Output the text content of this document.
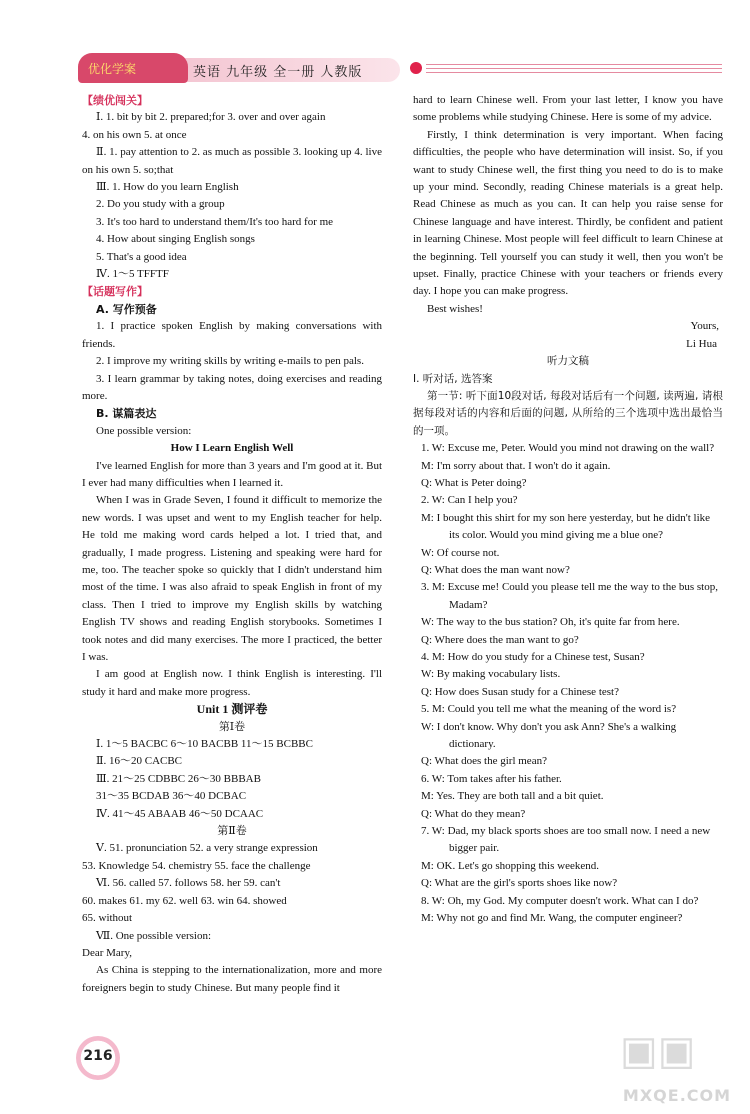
优化学案	英语 九年级 全一册 人教版

【绩优闯关】

Ⅰ. 1. bit by bit 2. prepared;for 3. over and over again

4. on his own 5. at once

Ⅱ. 1. pay attention to 2. as much as possible 3. looking up 4. live on his own 5. so;that

Ⅲ. 1. How do you learn English

2. Do you study with a group

3. It's too hard to understand them/It's too hard for me

4. How about singing English songs

5. That's a good idea

Ⅳ. 1～5 TFFTF

【话题写作】

A. 写作预备

1. I practice spoken English by making conversations with friends.

2. I improve my writing skills by writing e-mails to pen pals.

3. I learn grammar by taking notes, doing exercises and reading more.

B. 谋篇表达

One possible version:

How I Learn English Well

I've learned English for more than 3 years and I'm good at it. But I ever had many difficulties when I learned it.

When I was in Grade Seven, I found it difficult to memorize the new words. I was upset and went to my English teacher for help. He told me making word cards helped a lot. I tried that, and gradually, I made progress. Listening and speaking were hard for me, too. The teacher spoke so quickly that I didn't understand him most of the time. I was also afraid to speak English in front of my class. Then I tried to improve my English skills by watching English TV shows and reading English storybooks. Sometimes I took notes and did many exercises. The more I practiced, the better I was.

I am good at English now. I think English is interesting. I'll study it hard and make more progress.

Unit 1 测评卷

第Ⅰ卷

Ⅰ. 1～5 BACBC 6～10 BACBB 11～15 BCBBC

Ⅱ. 16～20 CACBC

Ⅲ. 21～25 CDBBC 26～30 BBBAB

31～35 BCDAB 36～40 DCBAC

Ⅳ. 41～45 ABAAB 46～50 DCAAC

第Ⅱ卷

Ⅴ. 51. pronunciation 52. a very strange expression

53. Knowledge 54. chemistry 55. face the challenge

Ⅵ. 56. called 57. follows 58. her 59. can't

60. makes 61. my 62. well 63. win 64. showed

65. without

Ⅶ. One possible version:

Dear Mary,

As China is stepping to the internationalization, more and more foreigners begin to study Chinese. But many people find it

hard to learn Chinese well. From your last letter, I know you have some problems while studying Chinese. Here is some of my advice.

Firstly, I think determination is very important. When facing difficulties, the people who have determination will insist. So, if you want to study Chinese well, the first thing you need to do is to make up your mind. Secondly, reading Chinese materials is a great help. Read Chinese as much as you can. It can help you raise sense for Chinese language and have interest. Thirdly, be confident and patient in learning Chinese. Most people will feel difficult to learn Chinese at the beginning. Tell yourself you can study it well, then you won't be upset. Finally, practice Chinese with your teachers or friends every day. I hope you can make progress.

Best wishes!

Yours,

Li Hua

听力文稿

Ⅰ. 听对话, 选答案

第一节: 听下面10段对话, 每段对话后有一个问题, 读两遍, 请根据每段对话的内容和后面的问题, 从所给的三个选项中选出最恰当的一项。

1. W: Excuse me, Peter. Would you mind not drawing on the wall?

M: I'm sorry about that. I won't do it again.

Q: What is Peter doing?

2. W: Can I help you?

M: I bought this shirt for my son here yesterday, but he didn't like its color. Would you mind giving me a blue one?

W: Of course not.

Q: What does the man want now?

3. M: Excuse me! Could you please tell me the way to the bus stop, Madam?

W: The way to the bus station? Oh, it's quite far from here.

Q: Where does the man want to go?

4. M: How do you study for a Chinese test, Susan?

W: By making vocabulary lists.

Q: How does Susan study for a Chinese test?

5. M: Could you tell me what the meaning of the word is?

W: I don't know. Why don't you ask Ann? She's a walking dictionary.

Q: What does the girl mean?

6. W: Tom takes after his father.

M: Yes. They are both tall and a bit quiet.

Q: What do they mean?

7. W: Dad, my black sports shoes are too small now. I need a new bigger pair.

M: OK. Let's go shopping this weekend.

Q: What are the girl's sports shoes like now?

8. W: Oh, my God. My computer doesn't work. What can I do?

M: Why not go and find Mr. Wang, the computer engineer?

216	▣▣
MXQE.COM
